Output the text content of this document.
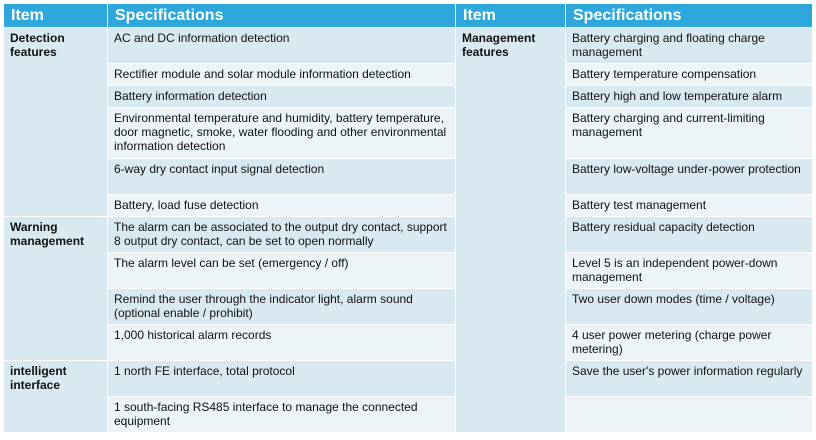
Item	Specifications	Item	Specifications
Detection features	AC and DC information detection	Management features	Battery charging and floating charge management
	Rectifier module and solar module information detection		Battery temperature compensation
	Battery information detection		Battery high and low temperature alarm
	Environmental temperature and humidity, battery temperature, door magnetic, smoke, water flooding and other environmental information detection		Battery charging and current-limiting management
	6-way dry contact input signal detection		Battery low-voltage under-power protection
	Battery, load fuse detection		Battery test management
Warning management	The alarm can be associated to the output dry contact, support 8 output dry contact, can be set to open normally		Battery residual capacity detection
	The alarm level can be set (emergency / off)		Level 5 is an independent power-down management
	Remind the user through the indicator light, alarm sound (optional enable / prohibit)		Two user down modes (time / voltage)
	1,000 historical alarm records		4 user power metering (charge power metering)
intelligent interface	1 north FE interface, total protocol		Save the user's power information regularly
	1 south-facing RS485 interface to manage the connected equipment		
